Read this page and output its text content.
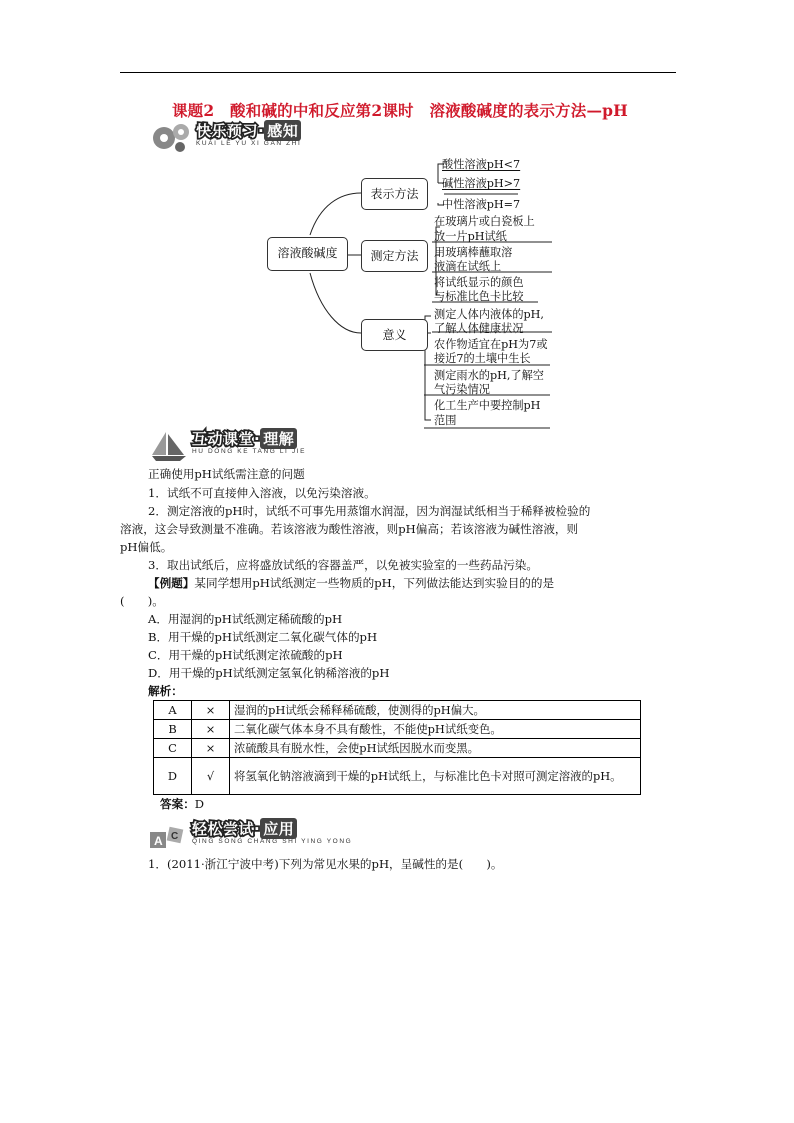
课题2　酸和碱的中和反应第2课时　溶液酸碱度的表示方法—pH
快乐预习· 感知
KUAI LE YU XI GAN ZHI
溶液酸碱度
表示方法
测定方法
意义
酸性溶液pH<7
碱性溶液pH>7
中性溶液pH=7
在玻璃片或白瓷板上
放一片pH试纸
用玻璃棒蘸取溶
液滴在试纸上
将试纸显示的颜色
与标准比色卡比较
测定人体内液体的pH,
了解人体健康状况
农作物适宜在pH为7或
接近7的土壤中生长
测定雨水的pH,了解空
气污染情况
化工生产中要控制pH
范围
互动课堂· 理解
HU DONG KE TANG LI JIE
正确使用pH试纸需注意的问题
1．试纸不可直接伸入溶液，以免污染溶液。
2．测定溶液的pH时，试纸不可事先用蒸馏水润湿，因为润湿试纸相当于稀释被检验的
溶液，这会导致测量不准确。若该溶液为酸性溶液，则pH偏高；若该溶液为碱性溶液，则
pH偏低。
3．取出试纸后，应将盛放试纸的容器盖严，以免被实验室的一些药品污染。
【例题】某同学想用pH试纸测定一些物质的pH，下列做法能达到实验目的的是
(　　)。
A．用湿润的pH试纸测定稀硫酸的pH
B．用干燥的pH试纸测定二氧化碳气体的pH
C．用干燥的pH试纸测定浓硫酸的pH
D．用干燥的pH试纸测定氢氧化钠稀溶液的pH
解析：
A	×	湿润的pH试纸会稀释稀硫酸，使测得的pH偏大。
B	×	二氧化碳气体本身不具有酸性，不能使pH试纸变色。
C	×	浓硫酸具有脱水性，会使pH试纸因脱水而变黑。
D	√	将氢氧化钠溶液滴到干燥的pH试纸上，与标准比色卡对照可测定溶液的pH。
答案：D
A C 轻松尝试· 应用
QING SONG CHANG SHI YING YONG
1．(2011·浙江宁波中考)下列为常见水果的pH，呈碱性的是(　　)。
